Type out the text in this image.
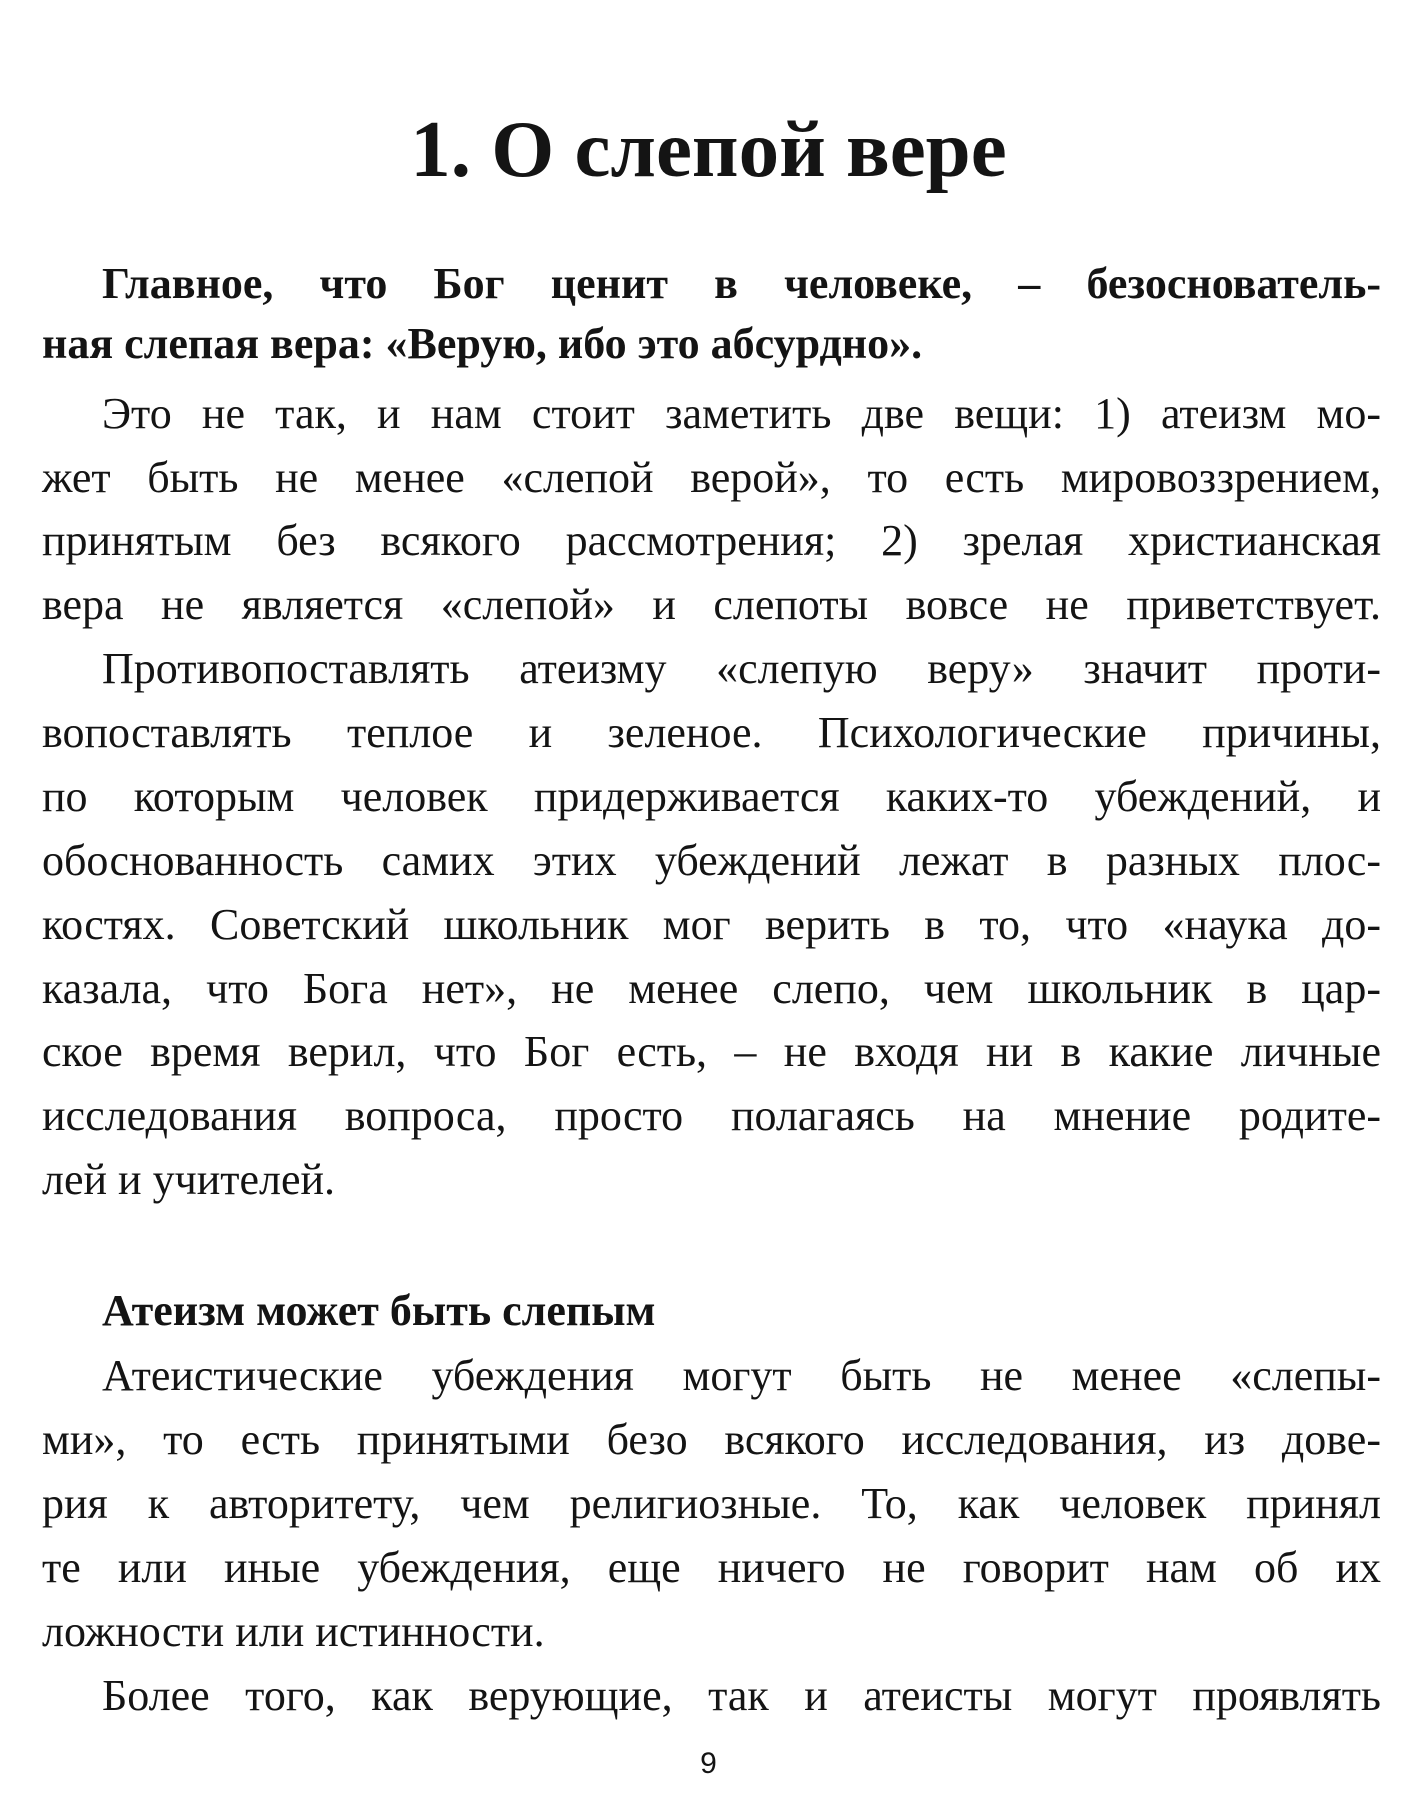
1. О слепой вере
Главное, что Бог ценит в человеке, – безоснователь-
ная слепая вера: «Верую, ибо это абсурдно».
Это не так, и нам стоит заметить две вещи: 1) атеизм мо-
жет быть не менее «слепой верой», то есть мировоззрением,
принятым без всякого рассмотрения; 2) зрелая христианская
вера не является «слепой» и слепоты вовсе не приветствует.
Противопоставлять атеизму «слепую веру» значит проти-
вопоставлять теплое и зеленое. Психологические причины,
по которым человек придерживается каких-то убеждений, и
обоснованность самих этих убеждений лежат в разных плос-
костях. Советский школьник мог верить в то, что «наука до-
казала, что Бога нет», не менее слепо, чем школьник в цар-
ское время верил, что Бог есть, – не входя ни в какие личные
исследования вопроса, просто полагаясь на мнение родите-
лей и учителей.
Атеизм может быть слепым
Атеистические убеждения могут быть не менее «слепы-
ми», то есть принятыми безо всякого исследования, из дове-
рия к авторитету, чем религиозные. То, как человек принял
те или иные убеждения, еще ничего не говорит нам об их
ложности или истинности.
Более того, как верующие, так и атеисты могут проявлять
9
